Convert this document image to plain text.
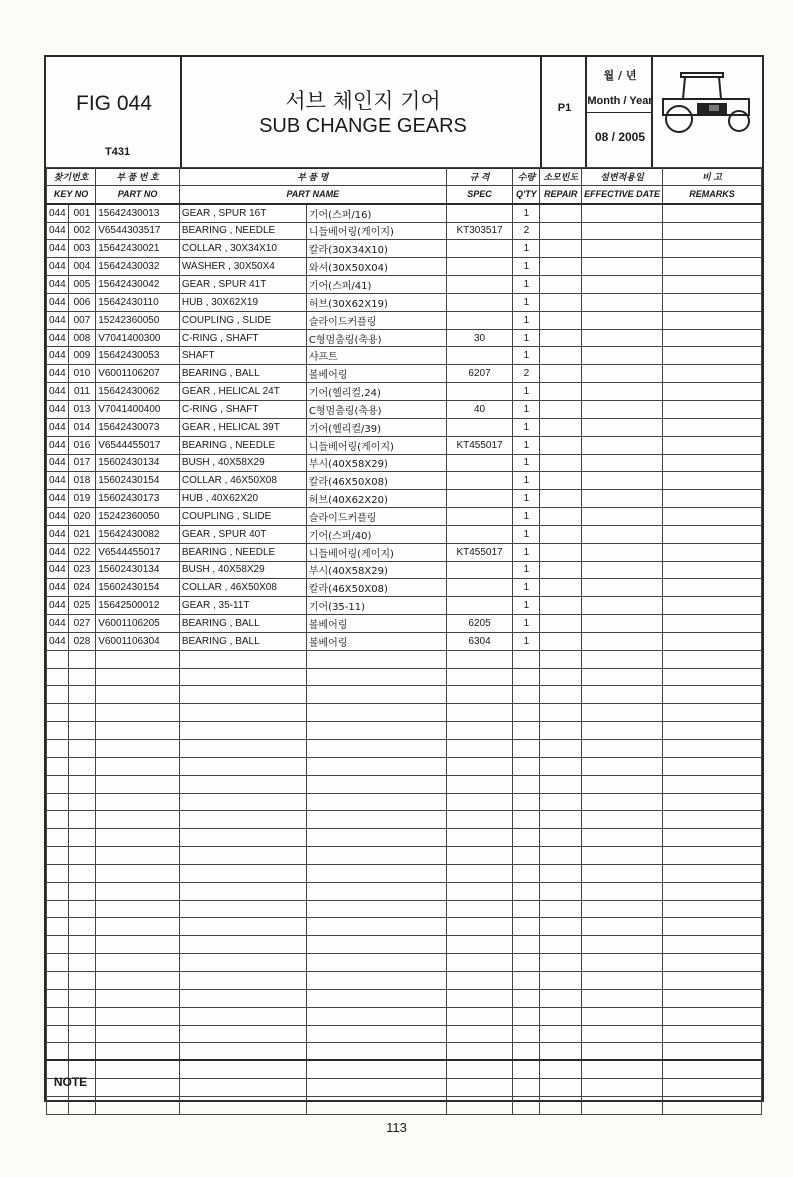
FIG 044
T431
서브 체인지 기어
SUB CHANGE GEARS
P1
월 / 년
Month / Year
08 / 2005
찾기번호		부 품 번 호	부 품 명		규 격	수량	소모빈도	설변적용일	비 고
KEY NO		PART NO	PART NAME		SPEC	Q'TY	REPAIR	EFFECTIVE DATE	REMARKS
044	001	15642430013	GEAR , SPUR 16T	기어(스퍼/16)		1			
044	002	V6544303517	BEARING , NEEDLE	니들베어링(게이지)	KT303517	2			
044	003	15642430021	COLLAR , 30X34X10	칼라(30X34X10)		1			
044	004	15642430032	WASHER , 30X50X4	와셔(30X50X04)		1			
044	005	15642430042	GEAR , SPUR 41T	기어(스퍼/41)		1			
044	006	15642430110	HUB , 30X62X19	허브(30X62X19)		1			
044	007	15242360050	COUPLING , SLIDE	슬라이드커플링		1			
044	008	V7041400300	C-RING , SHAFT	C형멈춤링(축용)	30	1			
044	009	15642430053	SHAFT	샤프트		1			
044	010	V6001106207	BEARING , BALL	볼베어링	6207	2			
044	011	15642430062	GEAR , HELICAL 24T	기어(헬리컬,24)		1			
044	013	V7041400400	C-RING , SHAFT	C형멈춤링(축용)	40	1			
044	014	15642430073	GEAR , HELICAL 39T	기어(헬리컬/39)		1			
044	016	V6544455017	BEARING , NEEDLE	니들베어링(게이지)	KT455017	1			
044	017	15602430134	BUSH , 40X58X29	부시(40X58X29)		1			
044	018	15602430154	COLLAR , 46X50X08	칼라(46X50X08)		1			
044	019	15602430173	HUB , 40X62X20	허브(40X62X20)		1			
044	020	15242360050	COUPLING , SLIDE	슬라이드커플링		1			
044	021	15642430082	GEAR , SPUR 40T	기어(스퍼/40)		1			
044	022	V6544455017	BEARING , NEEDLE	니들베어링(게이지)	KT455017	1			
044	023	15602430134	BUSH , 40X58X29	부시(40X58X29)		1			
044	024	15602430154	COLLAR , 46X50X08	칼라(46X50X08)		1			
044	025	15642500012	GEAR , 35-11T	기어(35-11)		1			
044	027	V6001106205	BEARING , BALL	볼베어링	6205	1			
044	028	V6001106304	BEARING , BALL	볼베어링	6304	1			

NOTE
113
